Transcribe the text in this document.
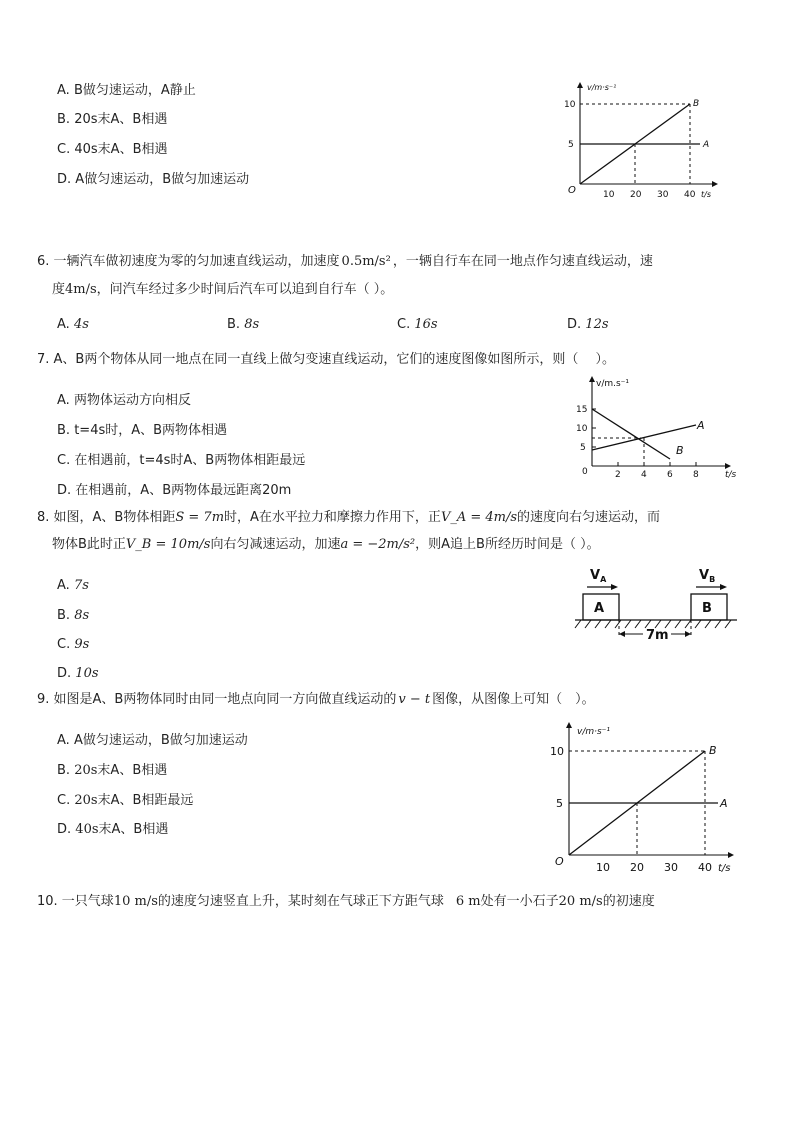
A. B做匀速运动，A静止
B. 20s末A、B相遇
C. 40s末A、B相遇
D. A做匀速运动，B做匀加速运动
v/m·s⁻¹
10
5
O	10 20 30 40 t/s
A
B
6. 一辆汽车做初速度为零的匀加速直线运动，加速度 0.5m/s² ，一辆自行车在同一地点作匀速直线运动，速
度4m/s，问汽车经过多少时间后汽车可以追到自行车（ ）。
A. 4s	B. 8s	C. 16s	D. 12s
7. A、B两个物体从同一地点在同一直线上做匀变速直线运动，它们的速度图像如图所示，则（　 ）。
A. 两物体运动方向相反
B. t=4s时，A、B两物体相遇
C. 在相遇前，t=4s时A、B两物体相距最远
D. 在相遇前，A、B两物体最远距离20m
v/m.s⁻¹
15
10
5
0	2 4 6 8	t/s
A
B
8. 如图，A、B物体相距S = 7m时，A在水平拉力和摩擦力作用下，正V_A = 4m/s的速度向右匀速运动，而
物体B此时正V_B = 10m/s向右匀减速运动，加速a = −2m/s²，则A追上B所经历时间是（ ）。
A. 7s
B. 8s
C. 9s
D. 10s
$V_A$	$V_B$
A	B
7m
9. 如图是A、B两物体同时由同一地点向同一方向做直线运动的 v − t 图像，从图像上可知（　）。
A. A做匀速运动，B做匀加速运动
B. 20s末A、B相遇
C. 20s末A、B相距最远
D. 40s末A、B相遇
v/m·s⁻¹
10
5
O	10 20 30 40 t/s
A
B
10. 一只气球10 m/s的速度匀速竖直上升，某时刻在气球正下方距气球 6 m处有一小石子20 m/s的初速度
